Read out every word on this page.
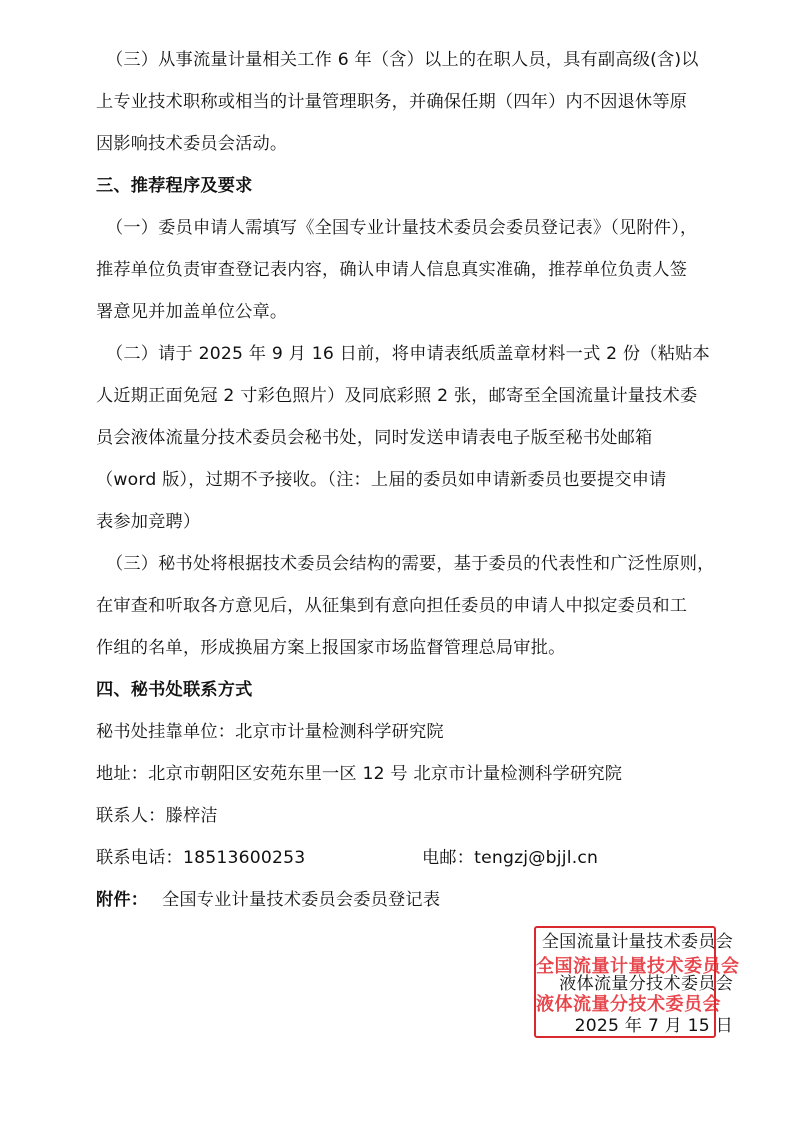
（三）从事流量计量相关工作 6 年（含）以上的在职人员，具有副高级(含)以
上专业技术职称或相当的计量管理职务，并确保任期（四年）内不因退休等原
因影响技术委员会活动。
三、推荐程序及要求
（一）委员申请人需填写《全国专业计量技术委员会委员登记表》（见附件），
推荐单位负责审查登记表内容，确认申请人信息真实准确，推荐单位负责人签
署意见并加盖单位公章。
（二）请于 2025 年 9 月 16 日前，将申请表纸质盖章材料一式 2 份（粘贴本
人近期正面免冠 2 寸彩色照片）及同底彩照 2 张，邮寄至全国流量计量技术委
员会液体流量分技术委员会秘书处，同时发送申请表电子版至秘书处邮箱
（word 版），过期不予接收。（注：上届的委员如申请新委员也要提交申请
表参加竞聘）
（三）秘书处将根据技术委员会结构的需要，基于委员的代表性和广泛性原则，
在审查和听取各方意见后，从征集到有意向担任委员的申请人中拟定委员和工
作组的名单，形成换届方案上报国家市场监督管理总局审批。
四、秘书处联系方式
秘书处挂靠单位：北京市计量检测科学研究院
地址：北京市朝阳区安苑东里一区 12 号 北京市计量检测科学研究院
联系人：滕梓洁
联系电话：18513600253	电邮：tengzj@bjjl.cn
附件： 全国专业计量技术委员会委员登记表
全国流量计量技术委员会
液体流量分技术委员会
全国流量计量技术委员会
液体流量分技术委员会
2025 年 7 月 15 日
